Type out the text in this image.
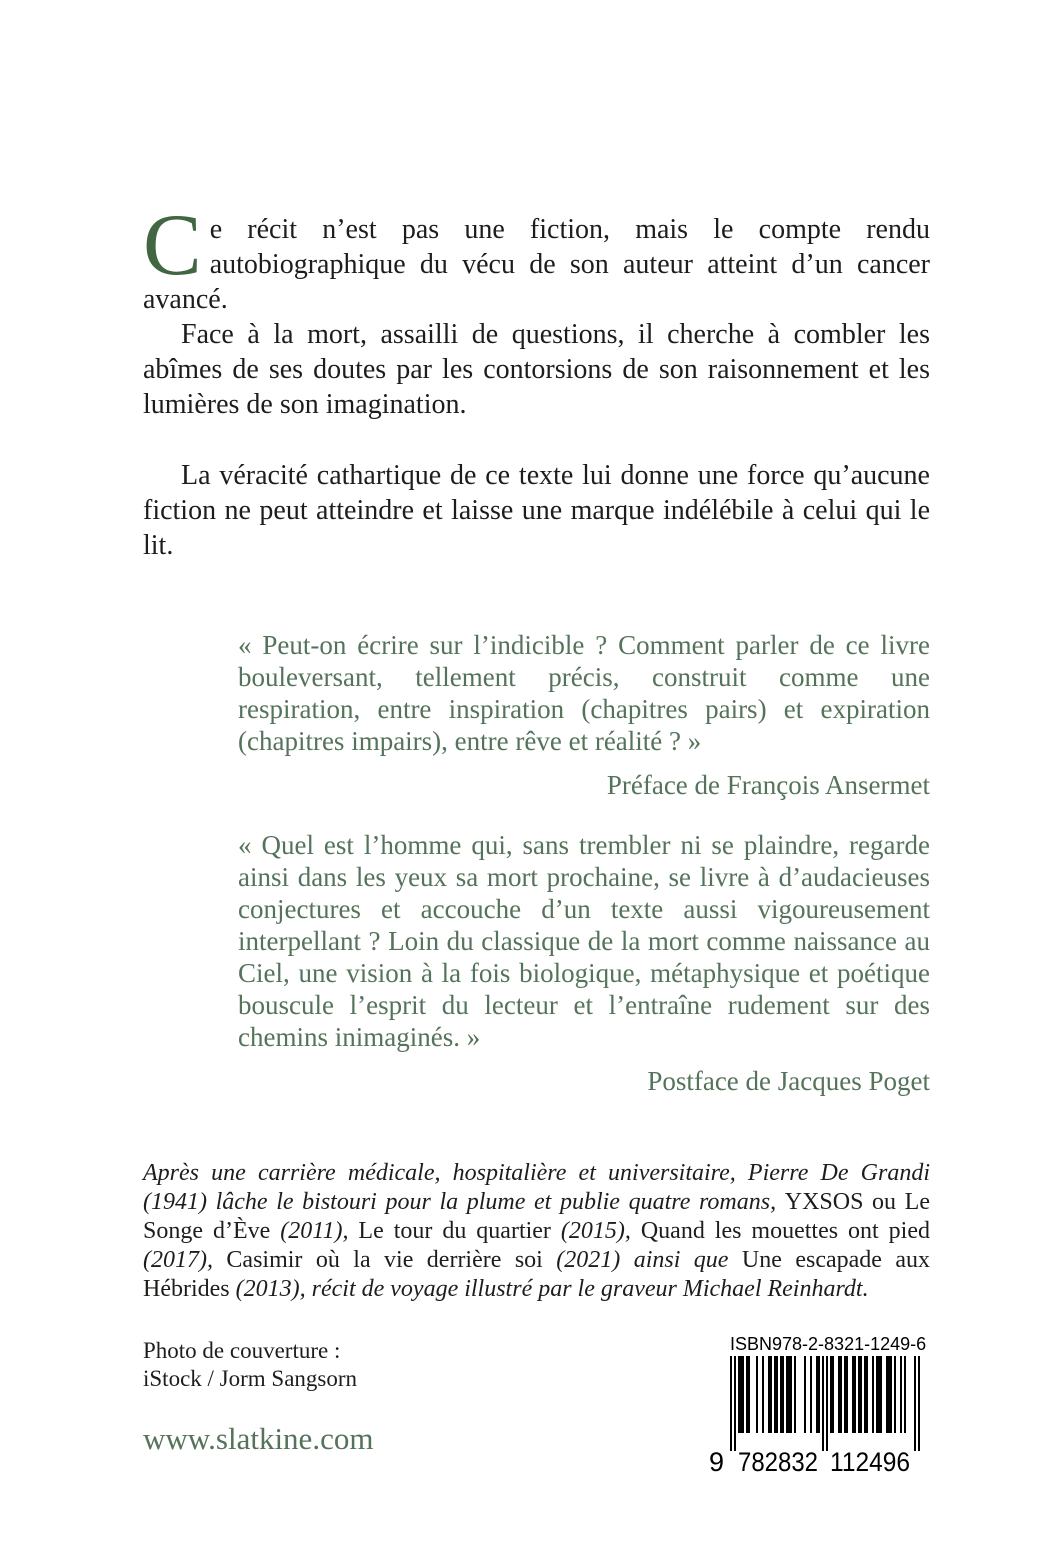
Ce récit n’est pas une fiction, mais le compte rendu autobiographique du vécu de son auteur atteint d’un cancer avancé.

Face à la mort, assailli de questions, il cherche à combler les abîmes de ses doutes par les contorsions de son raisonnement et les lumières de son imagination.

La véracité cathartique de ce texte lui donne une force qu’aucune fiction ne peut atteindre et laisse une marque indélébile à celui qui le lit.

« Peut-on écrire sur l’indicible ? Comment parler de ce livre bouleversant, tellement précis, construit comme une respiration, entre inspiration (chapitres pairs) et expiration (chapitres impairs), entre rêve et réalité ? »

Préface de François Ansermet

« Quel est l’homme qui, sans trembler ni se plaindre, regarde ainsi dans les yeux sa mort prochaine, se livre à d’audacieuses conjectures et accouche d’un texte aussi vigoureusement interpellant ? Loin du classique de la mort comme naissance au Ciel, une vision à la fois biologique, métaphysique et poétique bouscule l’esprit du lecteur et l’entraîne rudement sur des chemins inimaginés. »

Postface de Jacques Poget

Après une carrière médicale, hospitalière et universitaire, Pierre De Grandi (1941) lâche le bistouri pour la plume et publie quatre romans, YXSOS ou Le Songe d’Ève (2011), Le tour du quartier (2015), Quand les mouettes ont pied (2017), Casimir où la vie derrière soi (2021) ainsi que Une escapade aux Hébrides (2013), récit de voyage illustré par le graveur Michael Reinhardt.

Photo de couverture :
iStock / Jorm Sangsorn
www.slatkine.com
ISBN 978-2-8321-1249-6
9 782832 112496
